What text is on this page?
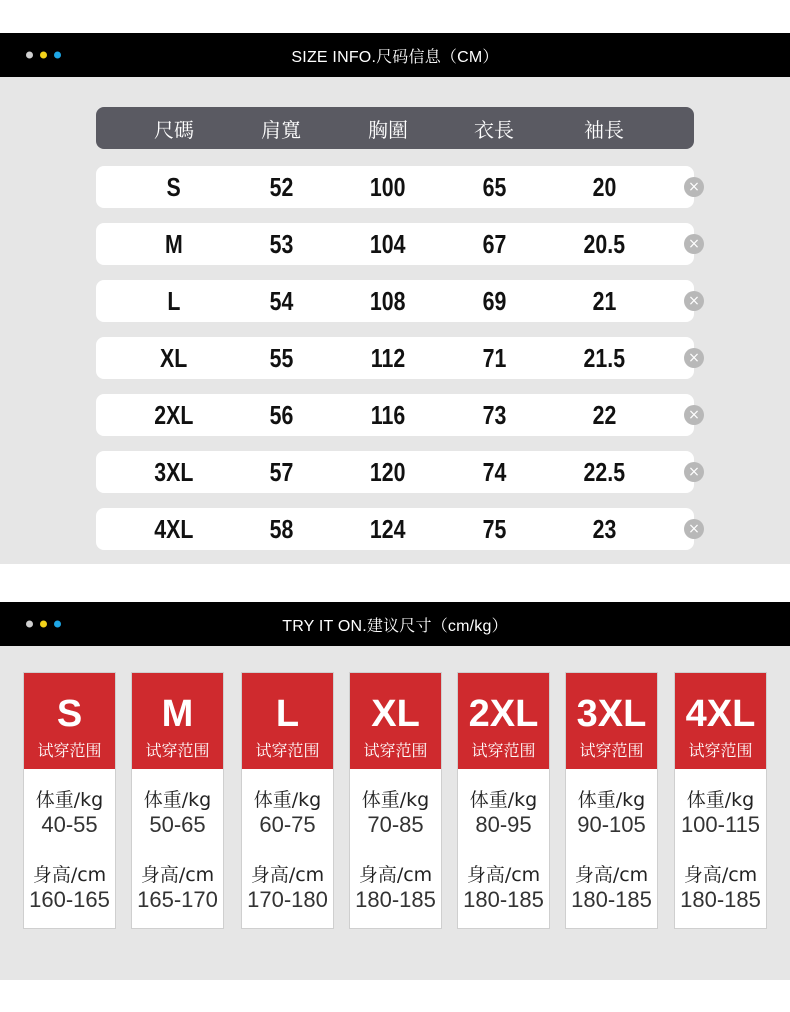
SIZE INFO.尺码信息（CM）
尺碼	肩寬	胸圍	衣長	袖長
S	52	100	65	20	×
M	53	104	67	20.5	×
L	54	108	69	21	×
XL	55	112	71	21.5	×
2XL	56	116	73	22	×
3XL	57	120	74	22.5	×
4XL	58	124	75	23	×
TRY IT ON.建议尺寸（cm/kg）
S
试穿范围
体重/kg
40-55
身高/cm
160-165
M
试穿范围
体重/kg
50-65
身高/cm
165-170
L
试穿范围
体重/kg
60-75
身高/cm
170-180
XL
试穿范围
体重/kg
70-85
身高/cm
180-185
2XL
试穿范围
体重/kg
80-95
身高/cm
180-185
3XL
试穿范围
体重/kg
90-105
身高/cm
180-185
4XL
试穿范围
体重/kg
100-115
身高/cm
180-185
